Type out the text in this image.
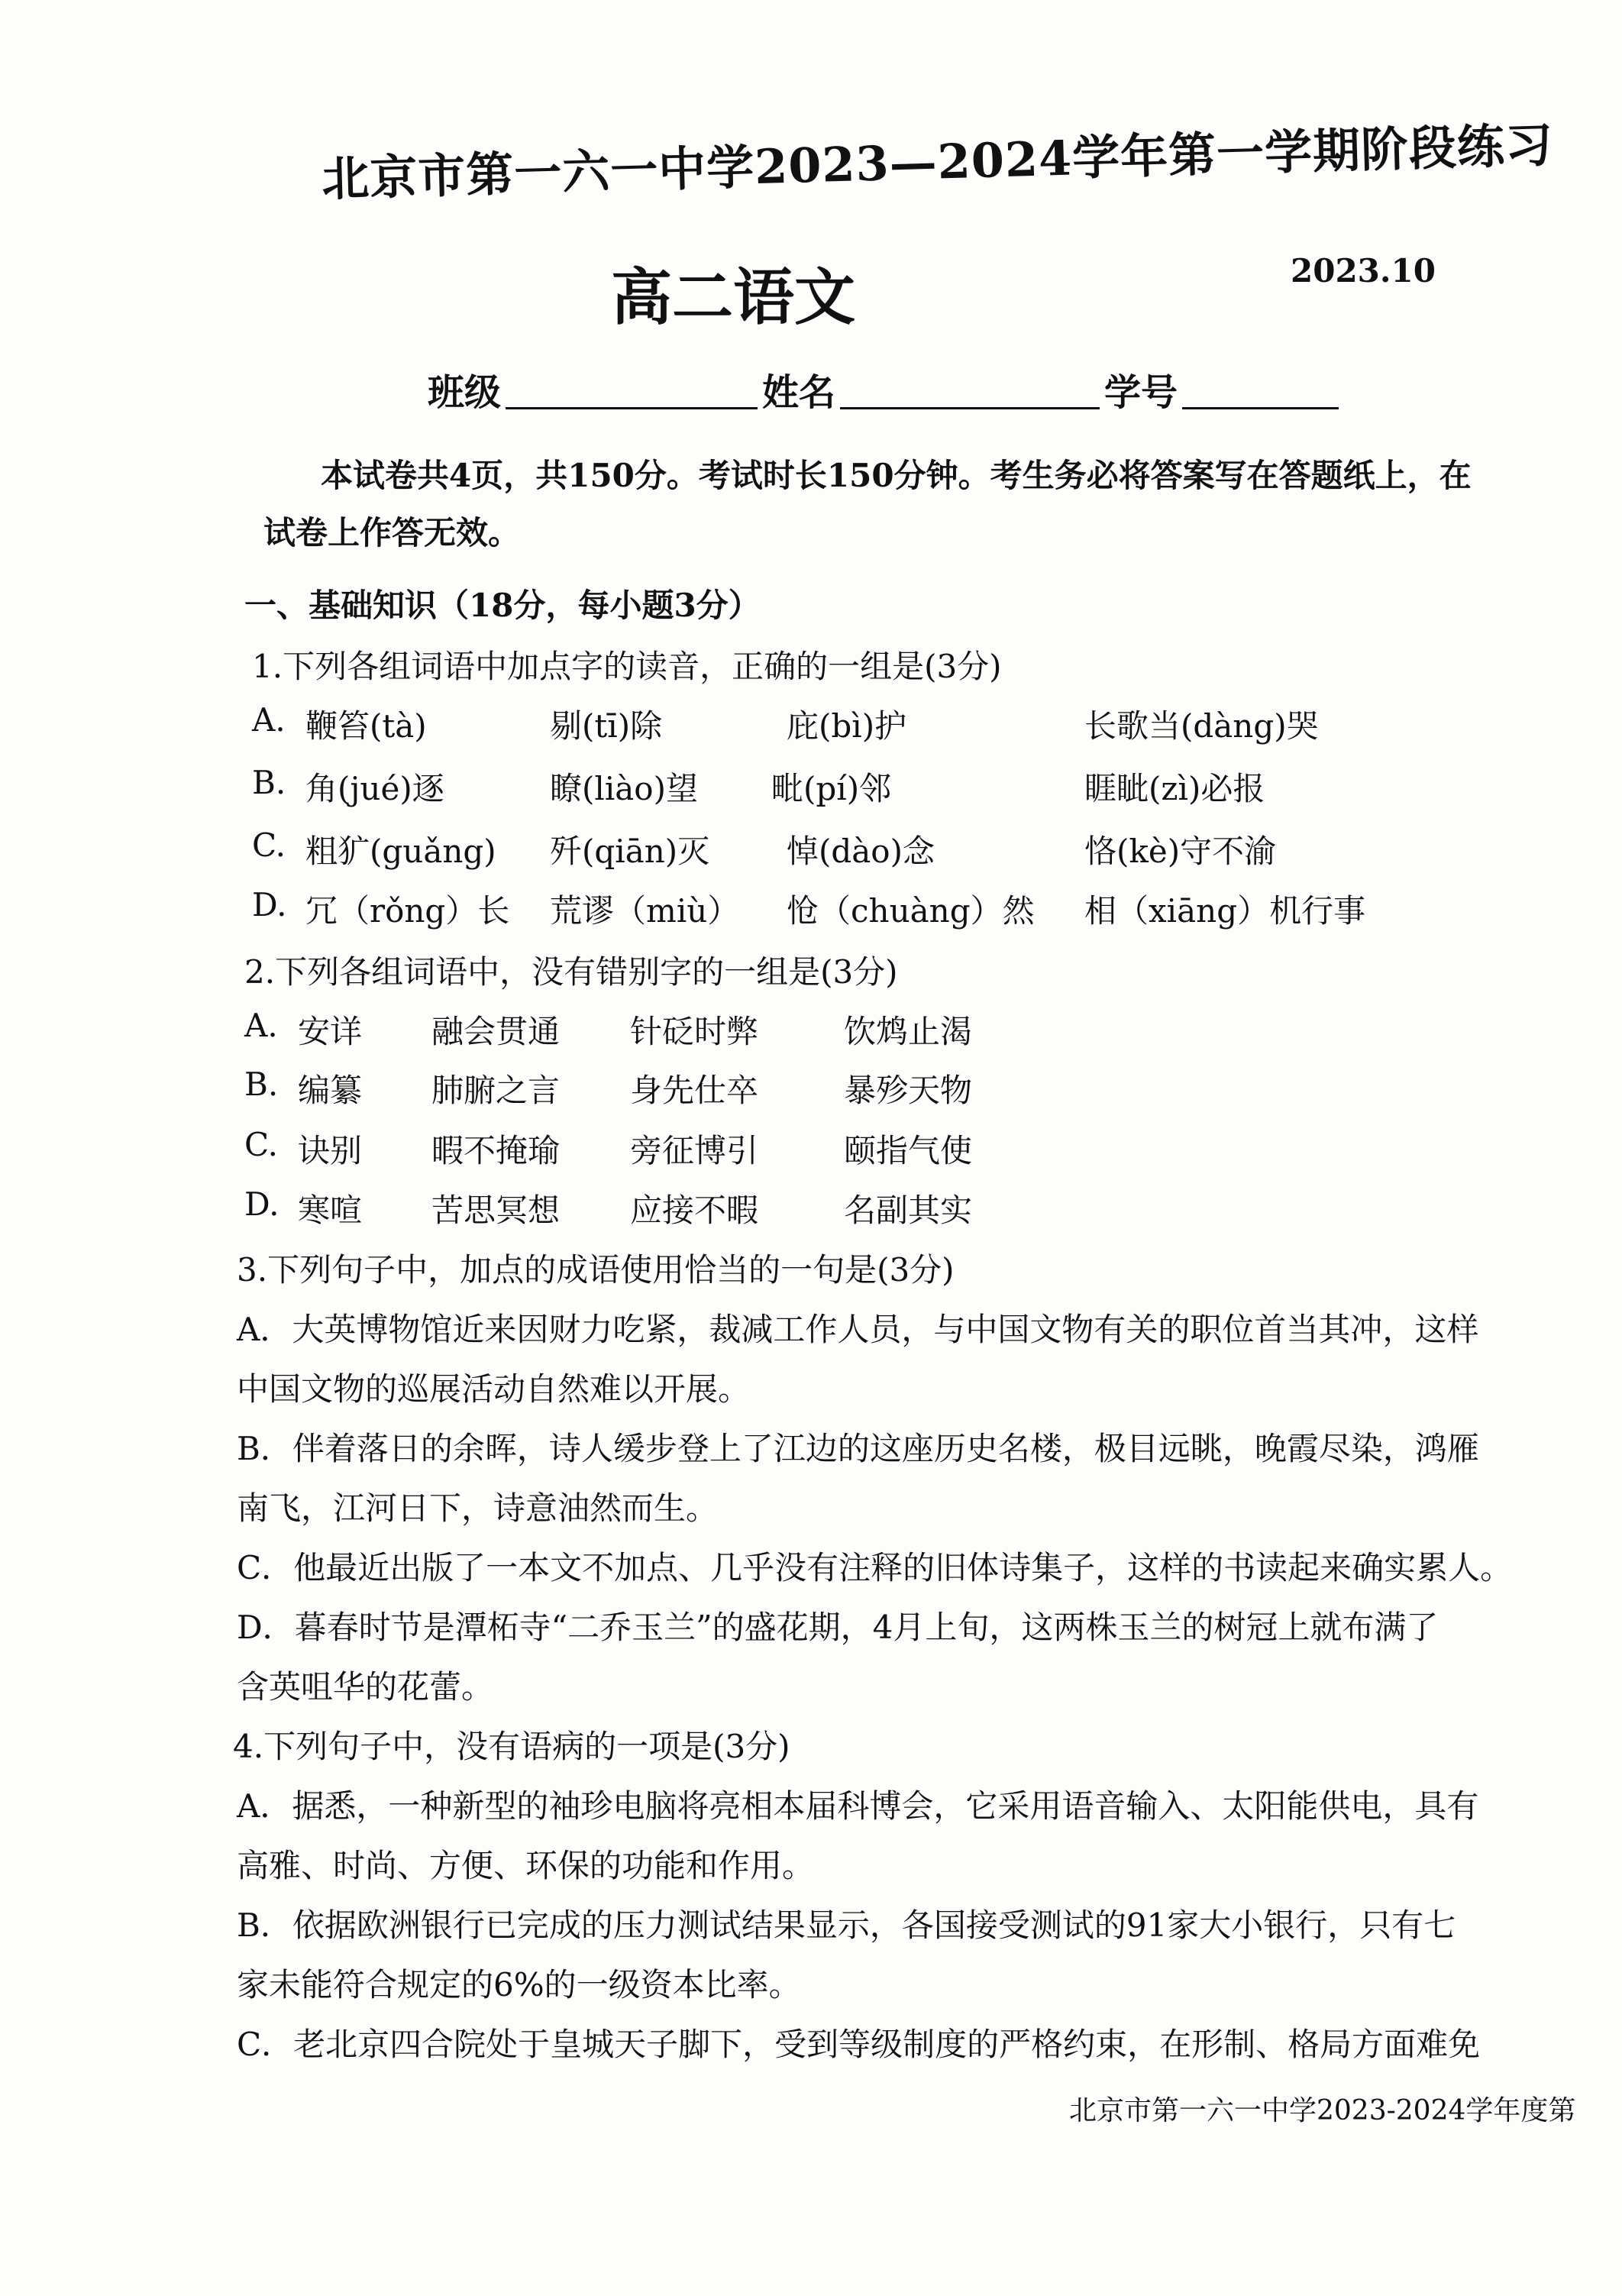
北京市第一六一中学2023—2024学年第一学期阶段练习
高二语文	2023.10
班级	姓名	学号
本试卷共4页，共150分。考试时长150分钟。考生务必将答案写在答题纸上，在
试卷上作答无效。
一、基础知识（18分，每小题3分）
1.下列各组词语中加点字的读音，正确的一组是(3分)
A. 鞭笞(tà)	剔(tī)除	庇(bì)护	长歌当(dàng)哭
B. 角(jué)逐	瞭(liào)望 毗(pí)邻	睚眦(zì)必报
C. 粗犷(guǎng) 歼(qiān)灭 悼(dào)念	恪(kè)守不渝
D. 冗（rǒng）长 荒谬（miù） 怆（chuàng）然 相（xiāng）机行事
2.下列各组词语中，没有错别字的一组是(3分)
A. 安详 融会贯通 针砭时弊	饮鸩止渴
B. 编纂 肺腑之言 身先仕卒	暴殄天物
C. 诀别 暇不掩瑜 旁征博引	颐指气使
D. 寒喧 苦思冥想 应接不暇	名副其实
3.下列句子中，加点的成语使用恰当的一句是(3分)
A．大英博物馆近来因财力吃紧，裁减工作人员，与中国文物有关的职位首当其冲，这样
中国文物的巡展活动自然难以开展。
B．伴着落日的余晖，诗人缓步登上了江边的这座历史名楼，极目远眺，晚霞尽染，鸿雁
南飞，江河日下，诗意油然而生。
C．他最近出版了一本文不加点、几乎没有注释的旧体诗集子，这样的书读起来确实累人。
D．暮春时节是潭柘寺“二乔玉兰”的盛花期，4月上旬，这两株玉兰的树冠上就布满了
含英咀华的花蕾。
4.下列句子中，没有语病的一项是(3分)
A．据悉，一种新型的袖珍电脑将亮相本届科博会，它采用语音输入、太阳能供电，具有
高雅、时尚、方便、环保的功能和作用。
B．依据欧洲银行已完成的压力测试结果显示，各国接受测试的91家大小银行，只有七
家未能符合规定的6%的一级资本比率。
C．老北京四合院处于皇城天子脚下，受到等级制度的严格约束，在形制、格局方面难免
北京市第一六一中学2023-2024学年度第
